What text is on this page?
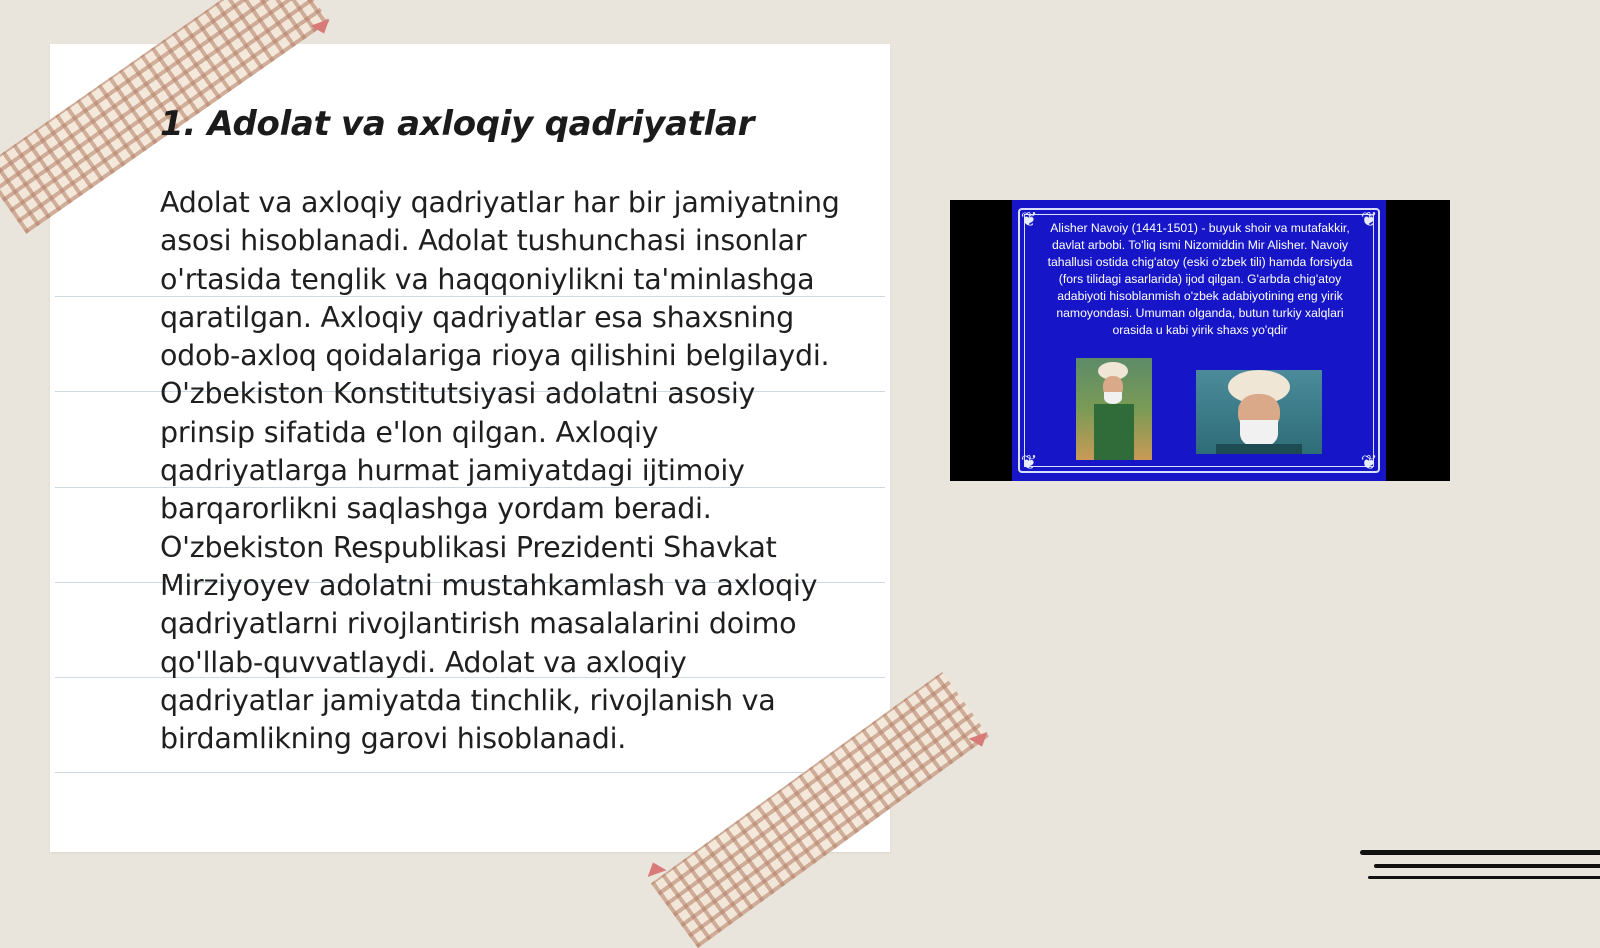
1. Adolat va axloqiy qadriyatlar

Adolat va axloqiy qadriyatlar har bir jamiyatning asosi hisoblanadi. Adolat tushunchasi insonlar o'rtasida tenglik va haqqoniylikni ta'minlashga qaratilgan. Axloqiy qadriyatlar esa shaxsning odob-axloq qoidalariga rioya qilishini belgilaydi. O'zbekiston Konstitutsiyasi adolatni asosiy prinsip sifatida e'lon qilgan. Axloqiy qadriyatlarga hurmat jamiyatdagi ijtimoiy barqarorlikni saqlashga yordam beradi. O'zbekiston Respublikasi Prezidenti Shavkat Mirziyoyev adolatni mustahkamlash va axloqiy qadriyatlarni rivojlantirish masalalarini doimo qo'llab-quvvatlaydi. Adolat va axloqiy qadriyatlar jamiyatda tinchlik, rivojlanish va birdamlikning garovi hisoblanadi.

❦	❦
❦	❦
Alisher Navoiy (1441-1501) - buyuk shoir va mutafakkir, davlat arbobi. To'liq ismi Nizomiddin Mir Alisher. Navoiy tahallusi ostida chig'atoy (eski o'zbek tili) hamda forsiyda (fors tilidagi asarlarida) ijod qilgan. G'arbda chig'atoy adabiyoti hisoblanmish o'zbek adabiyotining eng yirik namoyondasi. Umuman olganda, butun turkiy xalqlari orasida u kabi yirik shaxs yo'qdir
